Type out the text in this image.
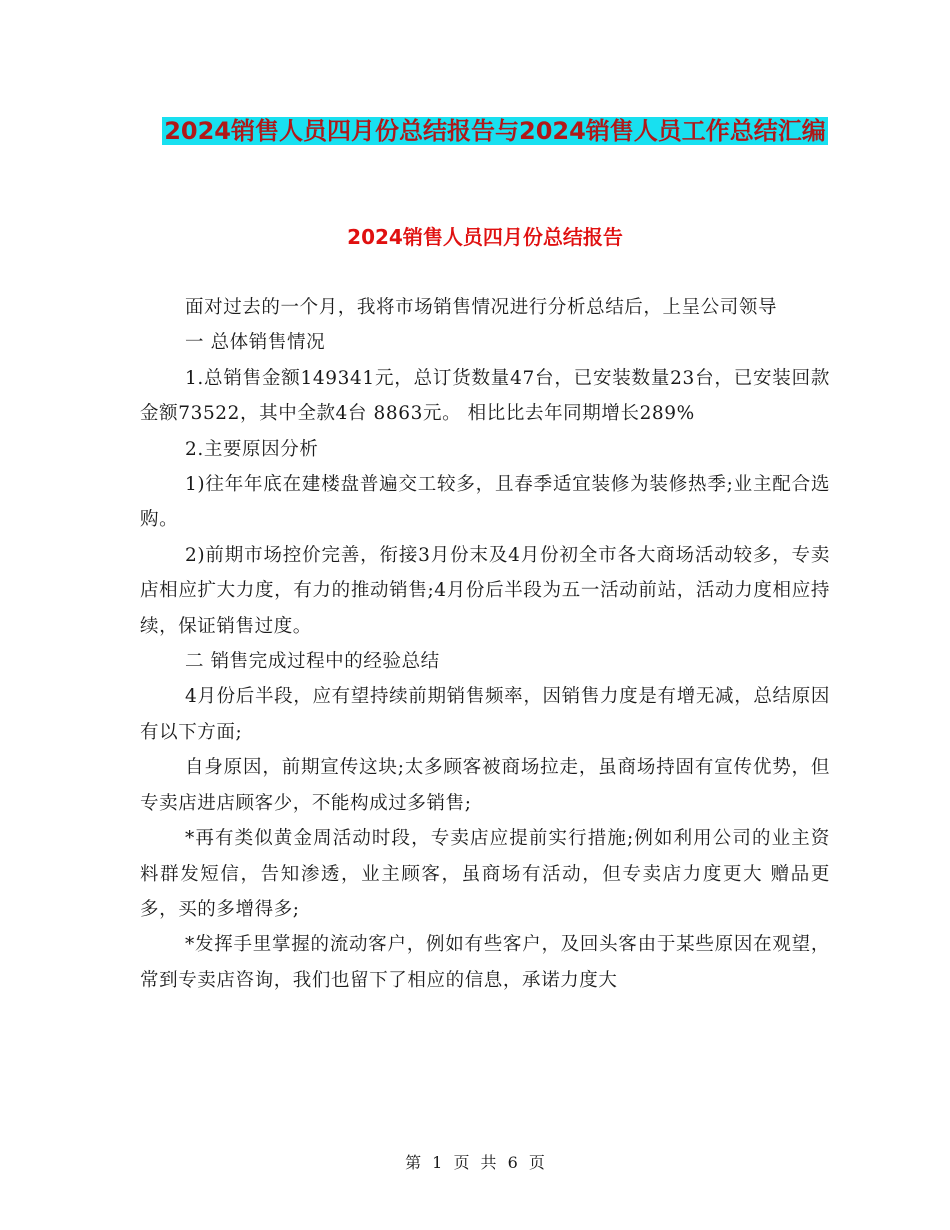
2024销售人员四月份总结报告与2024销售人员工作总结汇编
2024销售人员四月份总结报告

面对过去的一个月，我将市场销售情况进行分析总结后，上呈公司领导

一 总体销售情况

1.总销售金额149341元，总订货数量47台，已安装数量23台，已安装回款金额73522，其中全款4台 8863元。 相比比去年同期增长289%

2.主要原因分析

1)往年年底在建楼盘普遍交工较多，且春季适宜装修为装修热季;业主配合选购。

2)前期市场控价完善，衔接3月份末及4月份初全市各大商场活动较多，专卖店相应扩大力度，有力的推动销售;4月份后半段为五一活动前站，活动力度相应持续，保证销售过度。

二 销售完成过程中的经验总结

4月份后半段，应有望持续前期销售频率，因销售力度是有增无减，总结原因有以下方面;

自身原因，前期宣传这块;太多顾客被商场拉走，虽商场持固有宣传优势，但专卖店进店顾客少，不能构成过多销售;

*再有类似黄金周活动时段，专卖店应提前实行措施;例如利用公司的业主资料群发短信，告知渗透，业主顾客，虽商场有活动，但专卖店力度更大 赠品更多，买的多增得多;

*发挥手里掌握的流动客户，例如有些客户，及回头客由于某些原因在观望，常到专卖店咨询，我们也留下了相应的信息，承诺力度大

第 1 页 共 6 页
